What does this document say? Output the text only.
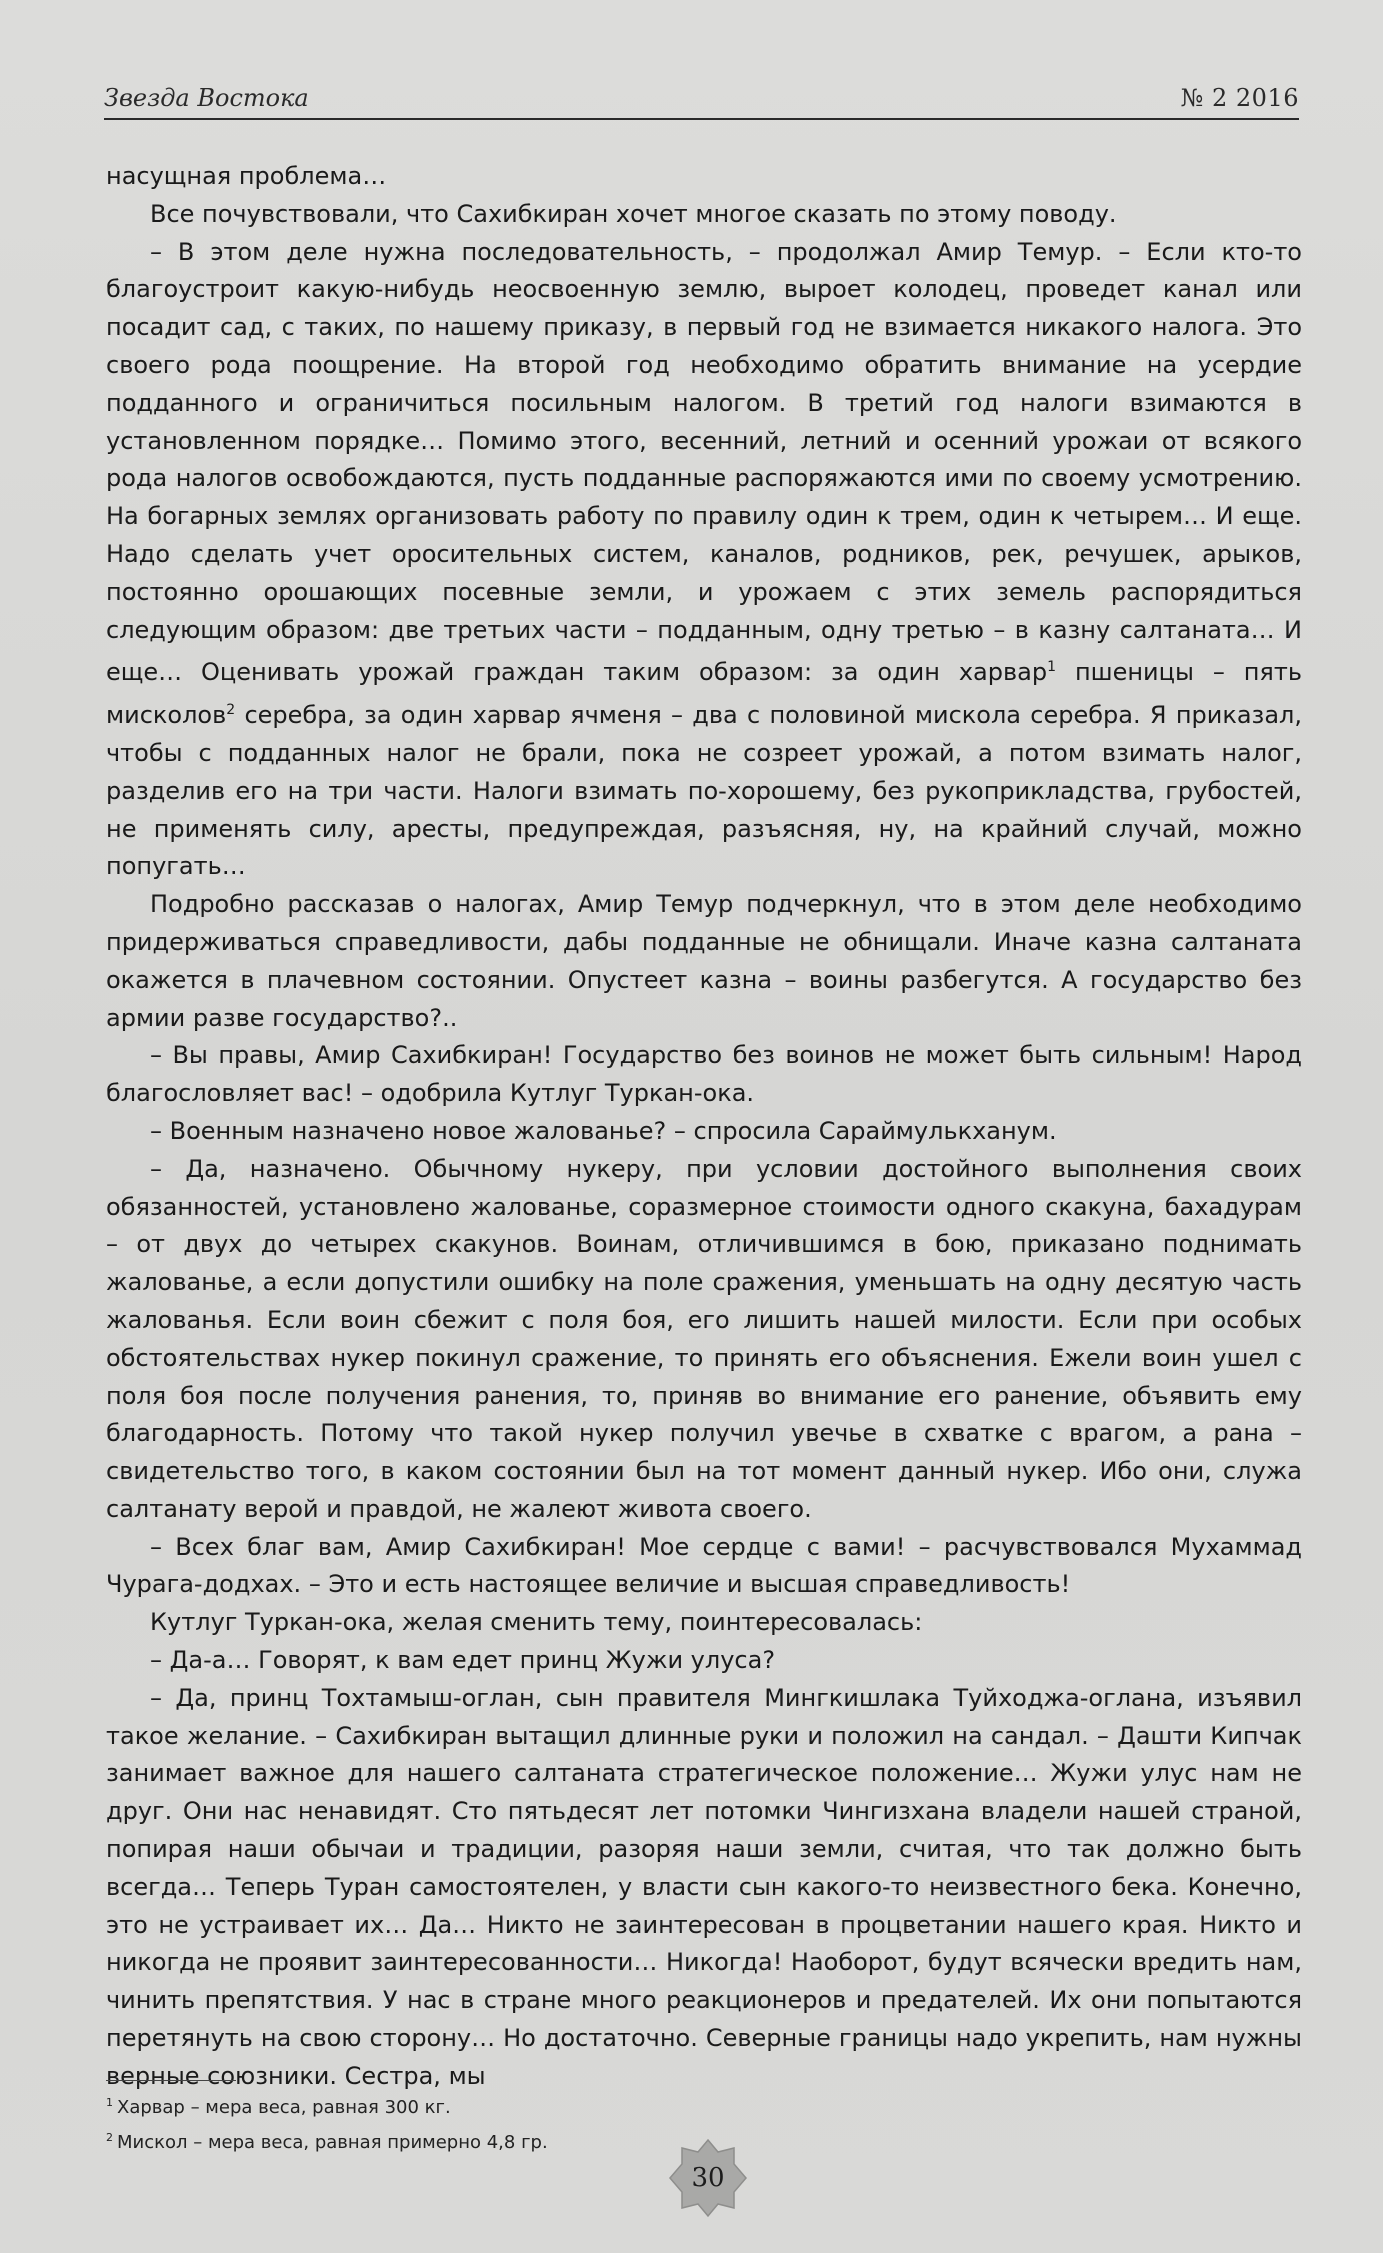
Звезда Востока	№ 2 2016

насущная проблема…

Все почувствовали, что Сахибкиран хочет многое сказать по этому поводу.

– В этом деле нужна последовательность, – продолжал Амир Темур. – Если кто-то благоустроит какую-нибудь неосвоенную землю, выроет колодец, проведет канал или посадит сад, с таких, по нашему приказу, в первый год не взимается никакого налога. Это своего рода поощрение. На второй год необходимо обратить внимание на усердие подданного и ограничиться посильным налогом. В третий год налоги взимаются в установленном порядке… Помимо этого, весенний, летний и осенний урожаи от всякого рода налогов освобождаются, пусть подданные распоряжаются ими по своему усмотрению. На богарных землях организовать работу по правилу один к трем, один к четырем… И еще. Надо сделать учет оросительных систем, каналов, родников, рек, речушек, арыков, постоянно орошающих посевные земли, и урожаем с этих земель распорядиться следующим образом: две третьих части – подданным, одну третью – в казну салтаната… И еще… Оценивать урожай граждан таким образом: за один харвар$^1$ пшеницы – пять мисколов$^2$ серебра, за один харвар ячменя – два с половиной мискола серебра. Я приказал, чтобы с подданных налог не брали, пока не созреет урожай, а потом взимать налог, разделив его на три части. Налоги взимать по-хорошему, без рукоприкладства, грубостей, не применять силу, аресты, предупреждая, разъясняя, ну, на крайний случай, можно попугать…

Подробно рассказав о налогах, Амир Темур подчеркнул, что в этом деле необходимо придерживаться справедливости, дабы подданные не обнищали. Иначе казна салтаната окажется в плачевном состоянии. Опустеет казна – воины разбегутся. А государство без армии разве государство?..

– Вы правы, Амир Сахибкиран! Государство без воинов не может быть сильным! Народ благословляет вас! – одобрила Кутлуг Туркан-ока.

– Военным назначено новое жалованье? – спросила Сараймулькханум.

– Да, назначено. Обычному нукеру, при условии достойного выполнения своих обязанностей, установлено жалованье, соразмерное стоимости одного скакуна, бахадурам – от двух до четырех скакунов. Воинам, отличившимся в бою, приказано поднимать жалованье, а если допустили ошибку на поле сражения, уменьшать на одну десятую часть жалованья. Если воин сбежит с поля боя, его лишить нашей милости. Если при особых обстоятельствах нукер покинул сражение, то принять его объяснения. Ежели воин ушел с поля боя после получения ранения, то, приняв во внимание его ранение, объявить ему благодарность. Потому что такой нукер получил увечье в схватке с врагом, а рана – свидетельство того, в каком состоянии был на тот момент данный нукер. Ибо они, служа салтанату верой и правдой, не жалеют живота своего.

– Всех благ вам, Амир Сахибкиран! Мое сердце с вами! – расчувствовался Мухаммад Чурага-додхах. – Это и есть настоящее величие и высшая справедливость!

Кутлуг Туркан-ока, желая сменить тему, поинтересовалась:

– Да-а… Говорят, к вам едет принц Жужи улуса?

– Да, принц Тохтамыш-оглан, сын правителя Мингкишлака Туйходжа-оглана, изъявил такое желание. – Сахибкиран вытащил длинные руки и положил на сандал. – Дашти Кипчак занимает важное для нашего салтаната стратегическое положение… Жужи улус нам не друг. Они нас ненавидят. Сто пятьдесят лет потомки Чингизхана владели нашей страной, попирая наши обычаи и традиции, разоряя наши земли, считая, что так должно быть всегда… Теперь Туран самостоятелен, у власти сын какого-то неизвестного бека. Конечно, это не устраивает их… Да… Никто не заинтересован в процветании нашего края. Никто и никогда не проявит заинтересованности… Никогда! Наоборот, будут всячески вредить нам, чинить препятствия. У нас в стране много реакционеров и предателей. Их они попытаются перетянуть на свою сторону… Но достаточно. Северные границы надо укрепить, нам нужны верные союзники. Сестра, мы

$^1$ Харвар – мера веса, равная 300 кг.
$^2$ Мискол – мера веса, равная примерно 4,8 гр.
30
